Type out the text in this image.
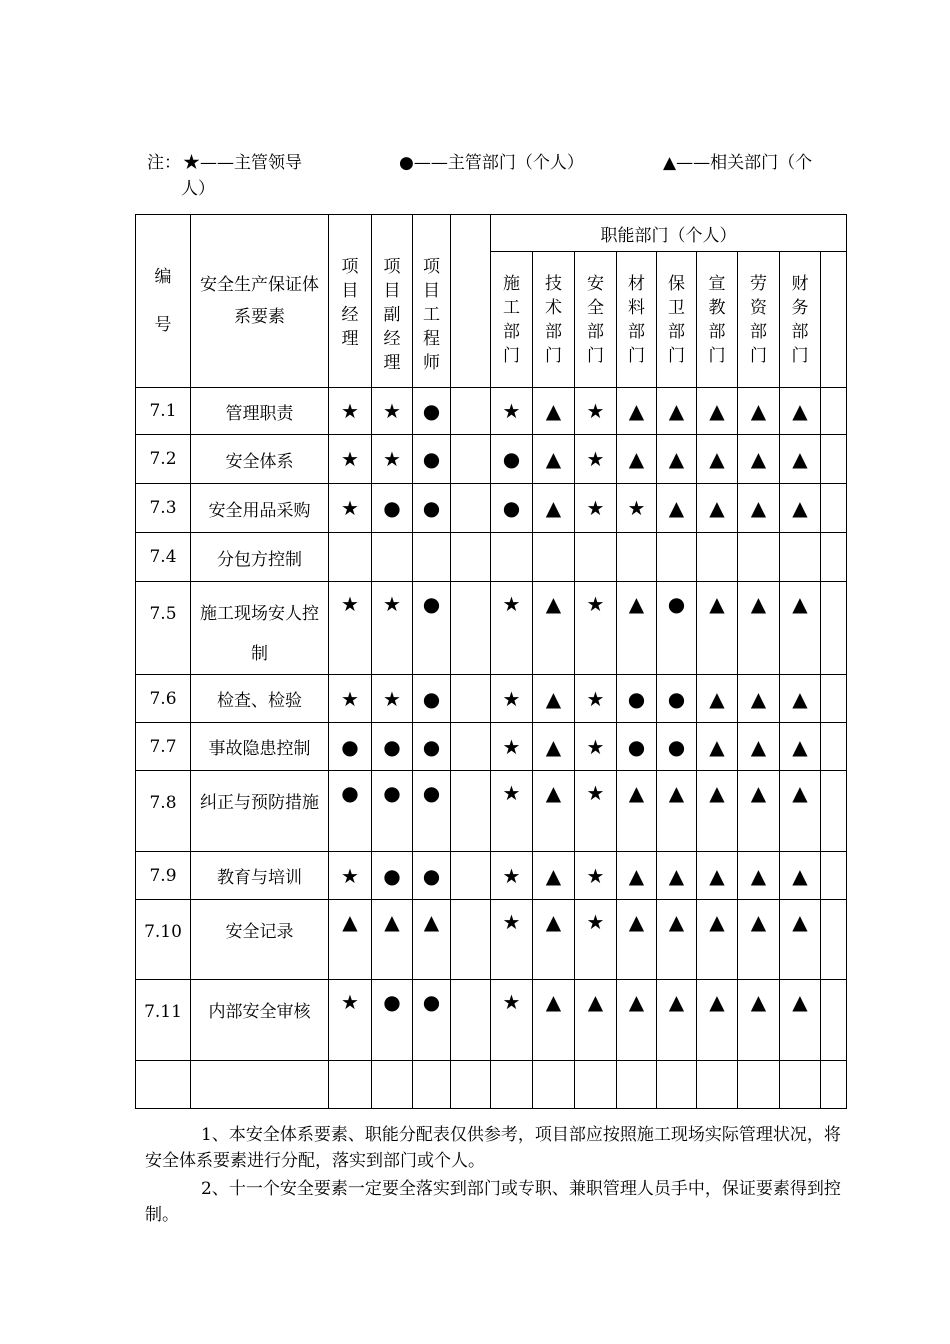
注： ★——主管领导	●——主管部门（个人）	▲——相关部门（个
人）
编号	安全生产保证体系要素	项目经理	项目副经理	项目工程师		职能部门（个人）								
						施工部门	技术部门	安全部门	材料部门	保卫部门	宣教部门	劳资部门	财务部门	
7.1	管理职责	★	★	●		★	▲	★	▲	▲	▲	▲	▲	
7.2	安全体系	★	★	●		●	▲	★	▲	▲	▲	▲	▲	
7.3	安全用品采购	★	●	●		●	▲	★	★	▲	▲	▲	▲	
7.4	分包方控制													
7.5	施工现场安人控制	★	★	●		★	▲	★	▲	●	▲	▲	▲	
7.6	检查、检验	★	★	●		★	▲	★	●	●	▲	▲	▲	
7.7	事故隐患控制	●	●	●		★	▲	★	●	●	▲	▲	▲	
7.8	纠正与预防措施	●	●	●		★	▲	★	▲	▲	▲	▲	▲	
7.9	教育与培训	★	●	●		★	▲	★	▲	▲	▲	▲	▲	
7.10	安全记录	▲	▲	▲		★	▲	★	▲	▲	▲	▲	▲	
7.11	内部安全审核	★	●	●		★	▲	▲	▲	▲	▲	▲	▲	

1、本安全体系要素、职能分配表仅供参考，项目部应按照施工现场实际管理状况，将安全体系要素进行分配，落实到部门或个人。

2、十一个安全要素一定要全落实到部门或专职、兼职管理人员手中，保证要素得到控制。
